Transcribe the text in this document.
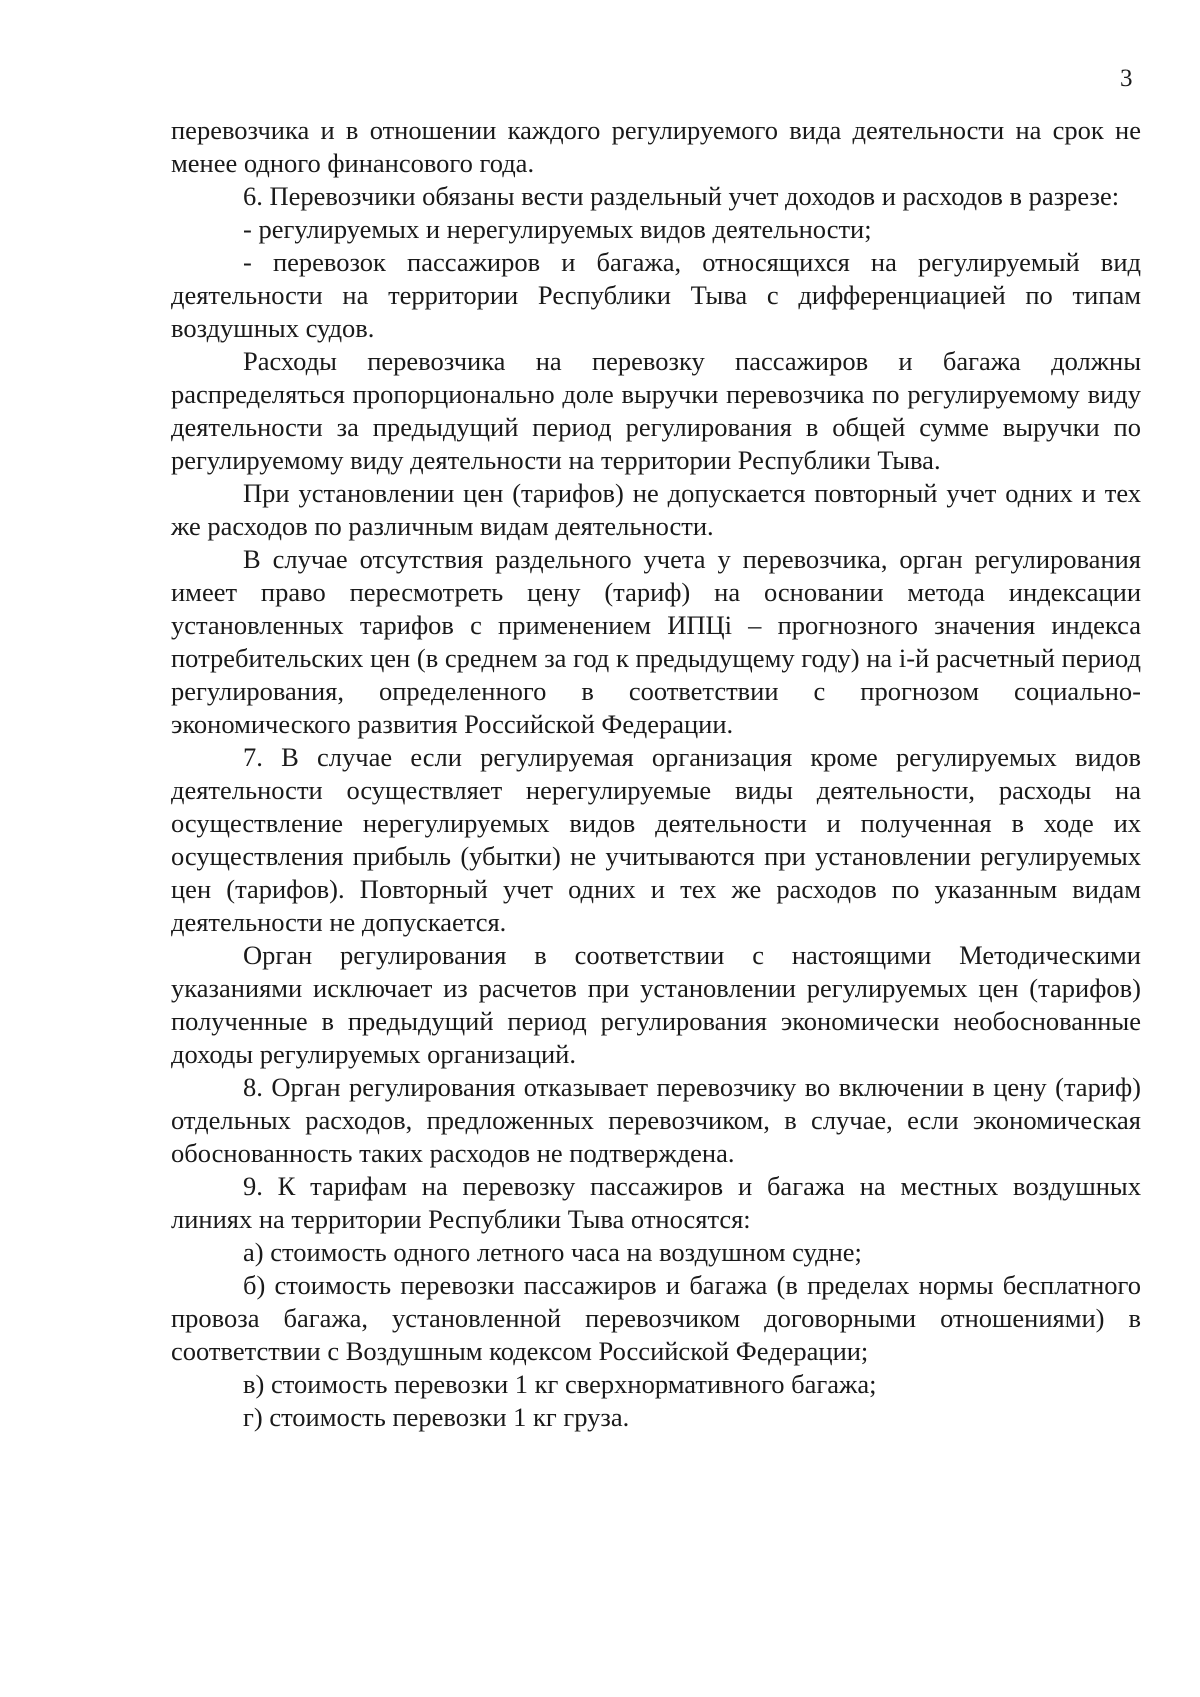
3

перевозчика и в отношении каждого регулируемого вида деятельности на срок не менее одного финансового года.

6. Перевозчики обязаны вести раздельный учет доходов и расходов в разрезе:

- регулируемых и нерегулируемых видов деятельности;

- перевозок пассажиров и багажа, относящихся на регулируемый вид деятельности на территории Республики Тыва с дифференциацией по типам воздушных судов.

Расходы перевозчика на перевозку пассажиров и багажа должны распределяться пропорционально доле выручки перевозчика по регулируемому виду деятельности за предыдущий период регулирования в общей сумме выручки по регулируемому виду деятельности на территории Республики Тыва.

При установлении цен (тарифов) не допускается повторный учет одних и тех же расходов по различным видам деятельности.

В случае отсутствия раздельного учета у перевозчика, орган регулирования имеет право пересмотреть цену (тариф) на основании метода индексации установленных тарифов с применением ИПЦі – прогнозного значения индекса потребительских цен (в среднем за год к предыдущему году) на і-й расчетный период регулирования, определенного в соответствии с прогнозом социально-экономического развития Российской Федерации.

7. В случае если регулируемая организация кроме регулируемых видов деятельности осуществляет нерегулируемые виды деятельности, расходы на осуществление нерегулируемых видов деятельности и полученная в ходе их осуществления прибыль (убытки) не учитываются при установлении регулируемых цен (тарифов). Повторный учет одних и тех же расходов по указанным видам деятельности не допускается.

Орган регулирования в соответствии с настоящими Методическими указаниями исключает из расчетов при установлении регулируемых цен (тарифов) полученные в предыдущий период регулирования экономически необоснованные доходы регулируемых организаций.

8. Орган регулирования отказывает перевозчику во включении в цену (тариф) отдельных расходов, предложенных перевозчиком, в случае, если экономическая обоснованность таких расходов не подтверждена.

9. К тарифам на перевозку пассажиров и багажа на местных воздушных линиях на территории Республики Тыва относятся:

а) стоимость одного летного часа на воздушном судне;

б) стоимость перевозки пассажиров и багажа (в пределах нормы бесплатного провоза багажа, установленной перевозчиком договорными отношениями) в соответствии с Воздушным кодексом Российской Федерации;

в) стоимость перевозки 1 кг сверхнормативного багажа;

г) стоимость перевозки 1 кг груза.
